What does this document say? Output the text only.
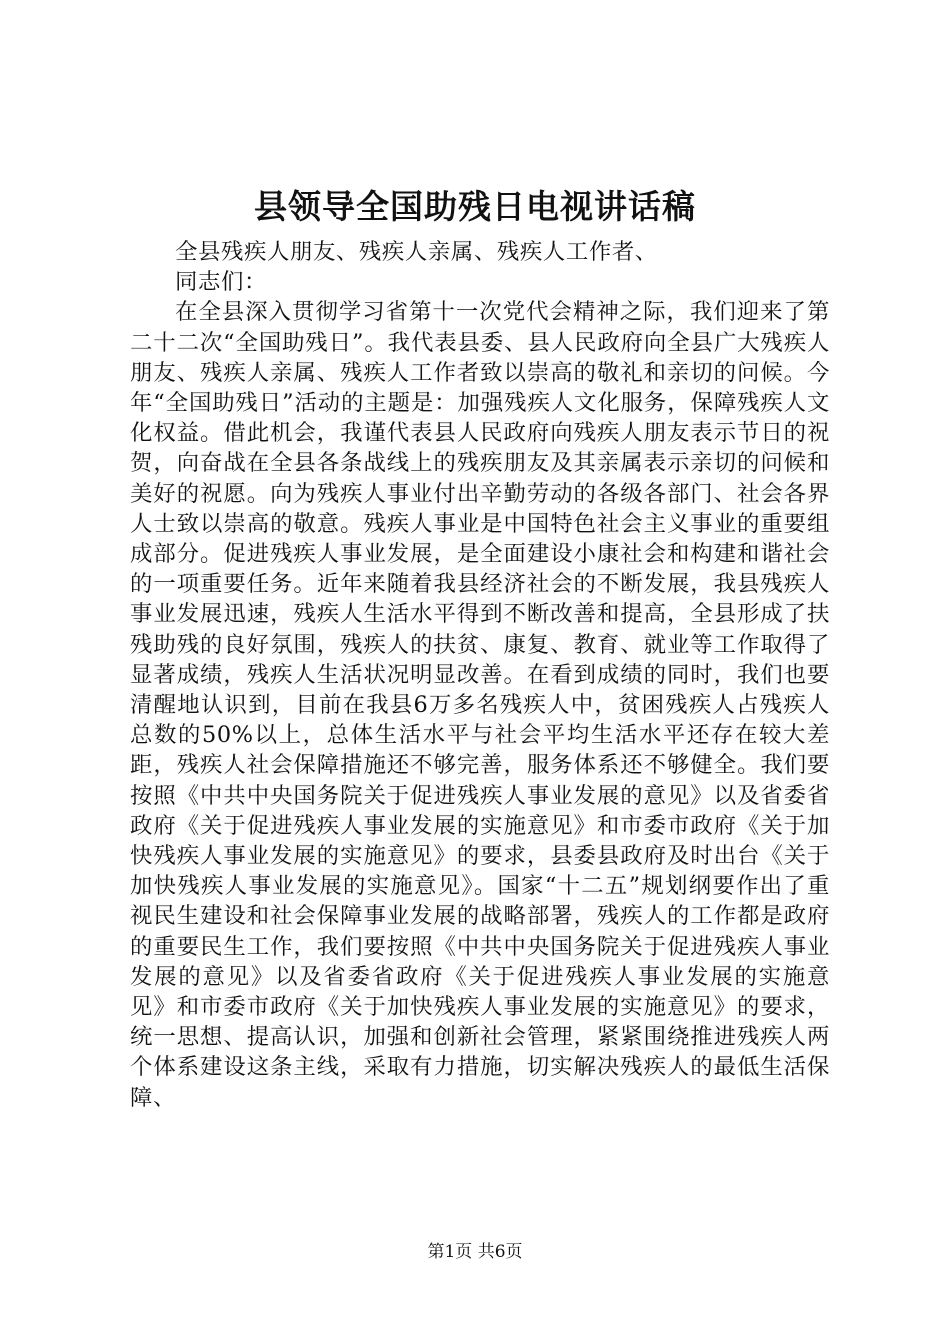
县领导全国助残日电视讲话稿

全县残疾人朋友、残疾人亲属、残疾人工作者、

同志们：

在全县深入贯彻学习省第十一次党代会精神之际，我们迎来了第二十二次“全国助残日”。我代表县委、县人民政府向全县广大残疾人朋友、残疾人亲属、残疾人工作者致以崇高的敬礼和亲切的问候。今年“全国助残日”活动的主题是：加强残疾人文化服务，保障残疾人文化权益。借此机会，我谨代表县人民政府向残疾人朋友表示节日的祝贺，向奋战在全县各条战线上的残疾朋友及其亲属表示亲切的问候和美好的祝愿。向为残疾人事业付出辛勤劳动的各级各部门、社会各界人士致以崇高的敬意。残疾人事业是中国特色社会主义事业的重要组成部分。促进残疾人事业发展，是全面建设小康社会和构建和谐社会的一项重要任务。近年来随着我县经济社会的不断发展，我县残疾人事业发展迅速，残疾人生活水平得到不断改善和提高，全县形成了扶残助残的良好氛围，残疾人的扶贫、康复、教育、就业等工作取得了显著成绩，残疾人生活状况明显改善。在看到成绩的同时，我们也要清醒地认识到，目前在我县6万多名残疾人中，贫困残疾人占残疾人总数的50%以上，总体生活水平与社会平均生活水平还存在较大差距，残疾人社会保障措施还不够完善，服务体系还不够健全。我们要按照《中共中央国务院关于促进残疾人事业发展的意见》以及省委省政府《关于促进残疾人事业发展的实施意见》和市委市政府《关于加快残疾人事业发展的实施意见》的要求，县委县政府及时出台《关于加快残疾人事业发展的实施意见》。国家“十二五”规划纲要作出了重视民生建设和社会保障事业发展的战略部署，残疾人的工作都是政府的重要民生工作，我们要按照《中共中央国务院关于促进残疾人事业发展的意见》以及省委省政府《关于促进残疾人事业发展的实施意见》和市委市政府《关于加快残疾人事业发展的实施意见》的要求，统一思想、提高认识，加强和创新社会管理，紧紧围绕推进残疾人两个体系建设这条主线，采取有力措施，切实解决残疾人的最低生活保障、

第1页 共6页
